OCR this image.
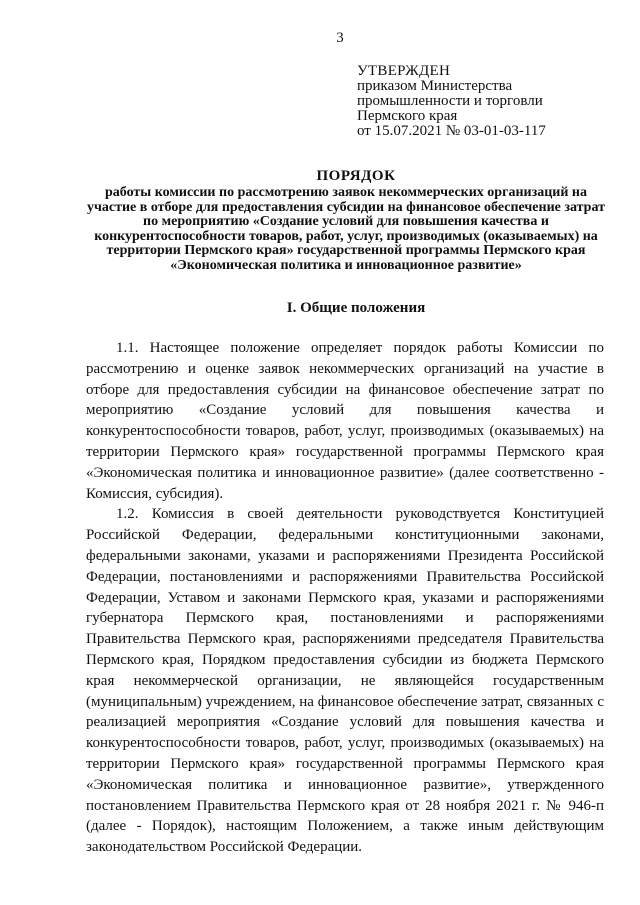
3
УТВЕРЖДЕН
приказом Министерства
промышленности и торговли
Пермского края
от 15.07.2021 № 03-01-03-117
ПОРЯДОК
работы комиссии по рассмотрению заявок некоммерческих организаций на участие в отборе для предоставления субсидии на финансовое обеспечение затрат по мероприятию «Создание условий для повышения качества и конкурентоспособности товаров, работ, услуг, производимых (оказываемых) на территории Пермского края» государственной программы Пермского края «Экономическая политика и инновационное развитие»
I. Общие положения

1.1. Настоящее положение определяет порядок работы Комиссии по рассмотрению и оценке заявок некоммерческих организаций на участие в отборе для предоставления субсидии на финансовое обеспечение затрат по мероприятию «Создание условий для повышения качества и конкурентоспособности товаров, работ, услуг, производимых (оказываемых) на территории Пермского края» государственной программы Пермского края «Экономическая политика и инновационное развитие» (далее соответственно - Комиссия, субсидия).

1.2. Комиссия в своей деятельности руководствуется Конституцией Российской Федерации, федеральными конституционными законами, федеральными законами, указами и распоряжениями Президента Российской Федерации, постановлениями и распоряжениями Правительства Российской Федерации, Уставом и законами Пермского края, указами и распоряжениями губернатора Пермского края, постановлениями и распоряжениями Правительства Пермского края, распоряжениями председателя Правительства Пермского края, Порядком предоставления субсидии из бюджета Пермского края некоммерческой организации, не являющейся государственным (муниципальным) учреждением, на финансовое обеспечение затрат, связанных с реализацией мероприятия «Создание условий для повышения качества и конкурентоспособности товаров, работ, услуг, производимых (оказываемых) на территории Пермского края» государственной программы Пермского края «Экономическая политика и инновационное развитие», утвержденного постановлением Правительства Пермского края от 28 ноября 2021 г. № 946-п (далее - Порядок), настоящим Положением, а также иным действующим законодательством Российской Федерации.
